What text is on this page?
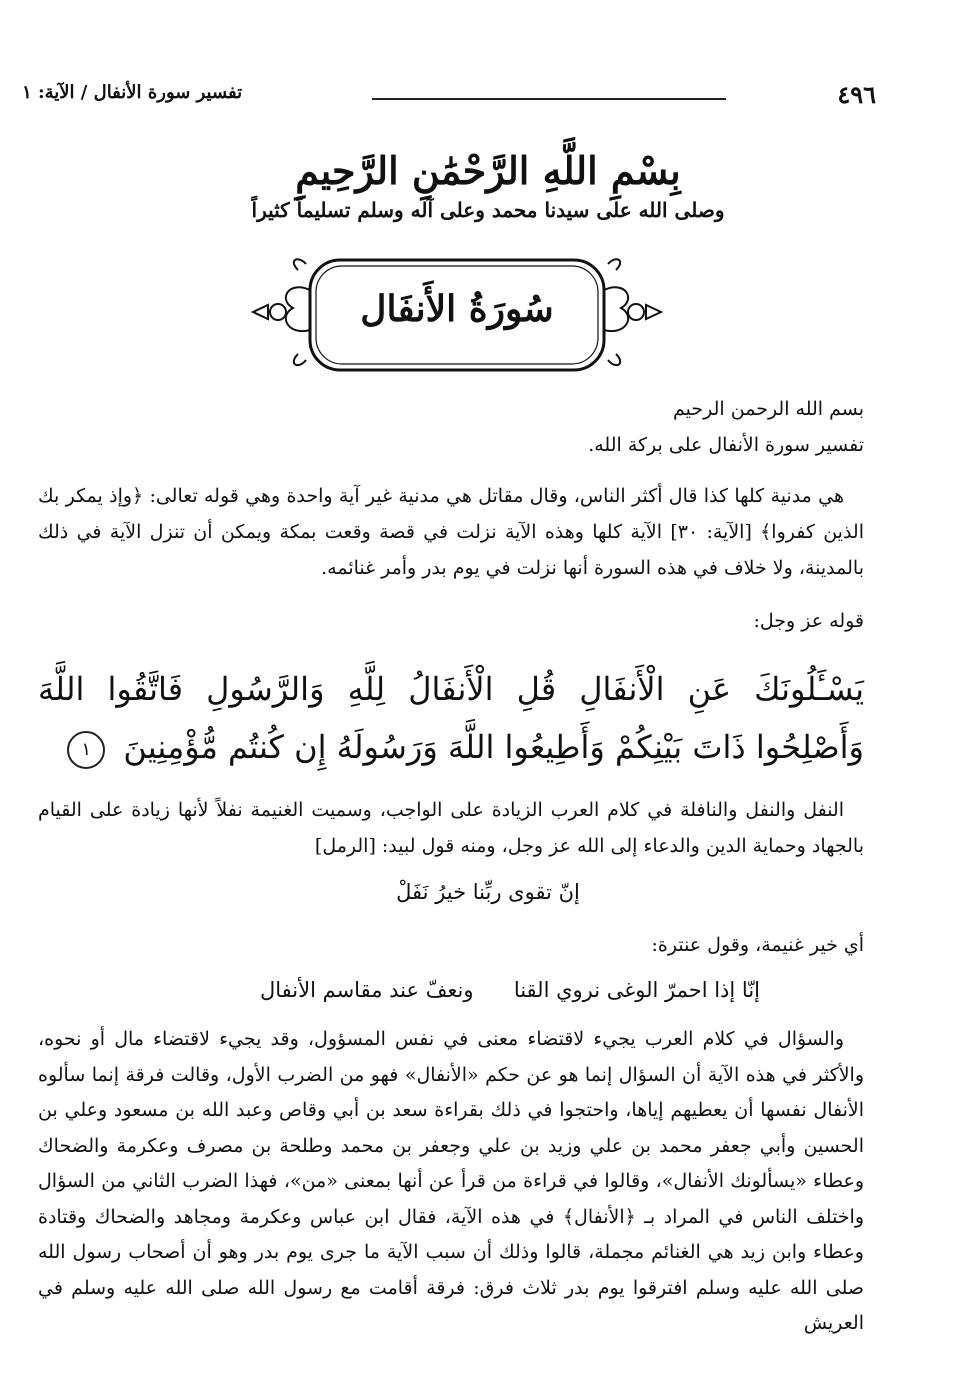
٤٩٦
تفسير سورة الأنفال / الآية: ١
بِسْمِ اللَّهِ الرَّحْمَٰنِ الرَّحِيمِ
وصلى الله على سيدنا محمد وعلى آله وسلم تسليماً كثيراً
سُورَةُ الأَنفَال
بسم الله الرحمن الرحيم
تفسير سورة الأنفال على بركة الله.
هي مدنية كلها كذا قال أكثر الناس، وقال مقاتل هي مدنية غير آية واحدة وهي قوله تعالى: ﴿وإذ يمكر بك الذين كفروا﴾ [الآية: ٣٠] الآية كلها وهذه الآية نزلت في قصة وقعت بمكة ويمكن أن تنزل الآية في ذلك بالمدينة، ولا خلاف في هذه السورة أنها نزلت في يوم بدر وأمر غنائمه.
قوله عز وجل:
يَسْـَٔلُونَكَ عَنِ الْأَنفَالِ قُلِ الْأَنفَالُ لِلَّهِ وَالرَّسُولِ فَاتَّقُوا اللَّهَ وَأَصْلِحُوا ذَاتَ بَيْنِكُمْ وَأَطِيعُوا اللَّهَ وَرَسُولَهُ إِن كُنتُم مُّؤْمِنِينَ ١
النفل والنفل والنافلة في كلام العرب الزيادة على الواجب، وسميت الغنيمة نفلاً لأنها زيادة على القيام بالجهاد وحماية الدين والدعاء إلى الله عز وجل، ومنه قول لبيد: [الرمل]
إنّ تقوى ربِّنا خيرُ نَفَلْ
أي خير غنيمة، وقول عنترة:
إنّا إذا احمرّ الوغى نروي القنا
ونعفّ عند مقاسم الأنفال
والسؤال في كلام العرب يجيء لاقتضاء معنى في نفس المسؤول، وقد يجيء لاقتضاء مال أو نحوه، والأكثر في هذه الآية أن السؤال إنما هو عن حكم «الأنفال» فهو من الضرب الأول، وقالت فرقة إنما سألوه الأنفال نفسها أن يعطيهم إياها، واحتجوا في ذلك بقراءة سعد بن أبي وقاص وعبد الله بن مسعود وعلي بن الحسين وأبي جعفر محمد بن علي وزيد بن علي وجعفر بن محمد وطلحة بن مصرف وعكرمة والضحاك وعطاء «يسألونك الأنفال»، وقالوا في قراءة من قرأ عن أنها بمعنى «من»، فهذا الضرب الثاني من السؤال واختلف الناس في المراد بـ ﴿الأنفال﴾ في هذه الآية، فقال ابن عباس وعكرمة ومجاهد والضحاك وقتادة وعطاء وابن زيد هي الغنائم مجملة، قالوا وذلك أن سبب الآية ما جرى يوم بدر وهو أن أصحاب رسول الله صلى الله عليه وسلم افترقوا يوم بدر ثلاث فرق: فرقة أقامت مع رسول الله صلى الله عليه وسلم في العريش
